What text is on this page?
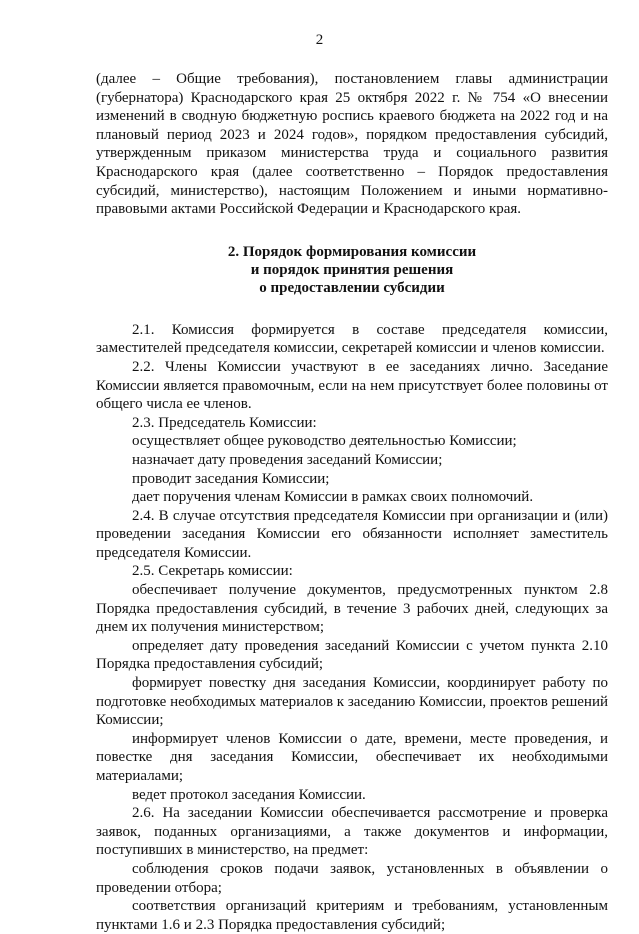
2

(далее – Общие требования), постановлением главы администрации (губернатора) Краснодарского края 25 октября 2022 г. № 754 «О внесении изменений в сводную бюджетную роспись краевого бюджета на 2022 год и на плановый период 2023 и 2024 годов», порядком предоставления субсидий, утвержденным приказом министерства труда и социального развития Краснодарского края (далее соответственно – Порядок предоставления субсидий, министерство), настоящим Положением и иными нормативно-правовыми актами Российской Федерации и Краснодарского края.

2. Порядок формирования комиссии
и порядок принятия решения
о предоставлении субсидии

2.1. Комиссия формируется в составе председателя комиссии, заместителей председателя комиссии, секретарей комиссии и членов комиссии.

2.2. Члены Комиссии участвуют в ее заседаниях лично. Заседание Комиссии является правомочным, если на нем присутствует более половины от общего числа ее членов.

2.3. Председатель Комиссии:

осуществляет общее руководство деятельностью Комиссии;

назначает дату проведения заседаний Комиссии;

проводит заседания Комиссии;

дает поручения членам Комиссии в рамках своих полномочий.

2.4. В случае отсутствия председателя Комиссии при организации и (или) проведении заседания Комиссии его обязанности исполняет заместитель председателя Комиссии.

2.5. Секретарь комиссии:

обеспечивает получение документов, предусмотренных пунктом 2.8 Порядка предоставления субсидий, в течение 3 рабочих дней, следующих за днем их получения министерством;

определяет дату проведения заседаний Комиссии с учетом пункта 2.10 Порядка предоставления субсидий;

формирует повестку дня заседания Комиссии, координирует работу по подготовке необходимых материалов к заседанию Комиссии, проектов решений Комиссии;

информирует членов Комиссии о дате, времени, месте проведения, и повестке дня заседания Комиссии, обеспечивает их необходимыми материалами;

ведет протокол заседания Комиссии.

2.6. На заседании Комиссии обеспечивается рассмотрение и проверка заявок, поданных организациями, а также документов и информации, поступивших в министерство, на предмет:

соблюдения сроков подачи заявок, установленных в объявлении о проведении отбора;

соответствия организаций критериям и требованиям, установленным пунктами 1.6 и 2.3 Порядка предоставления субсидий;
